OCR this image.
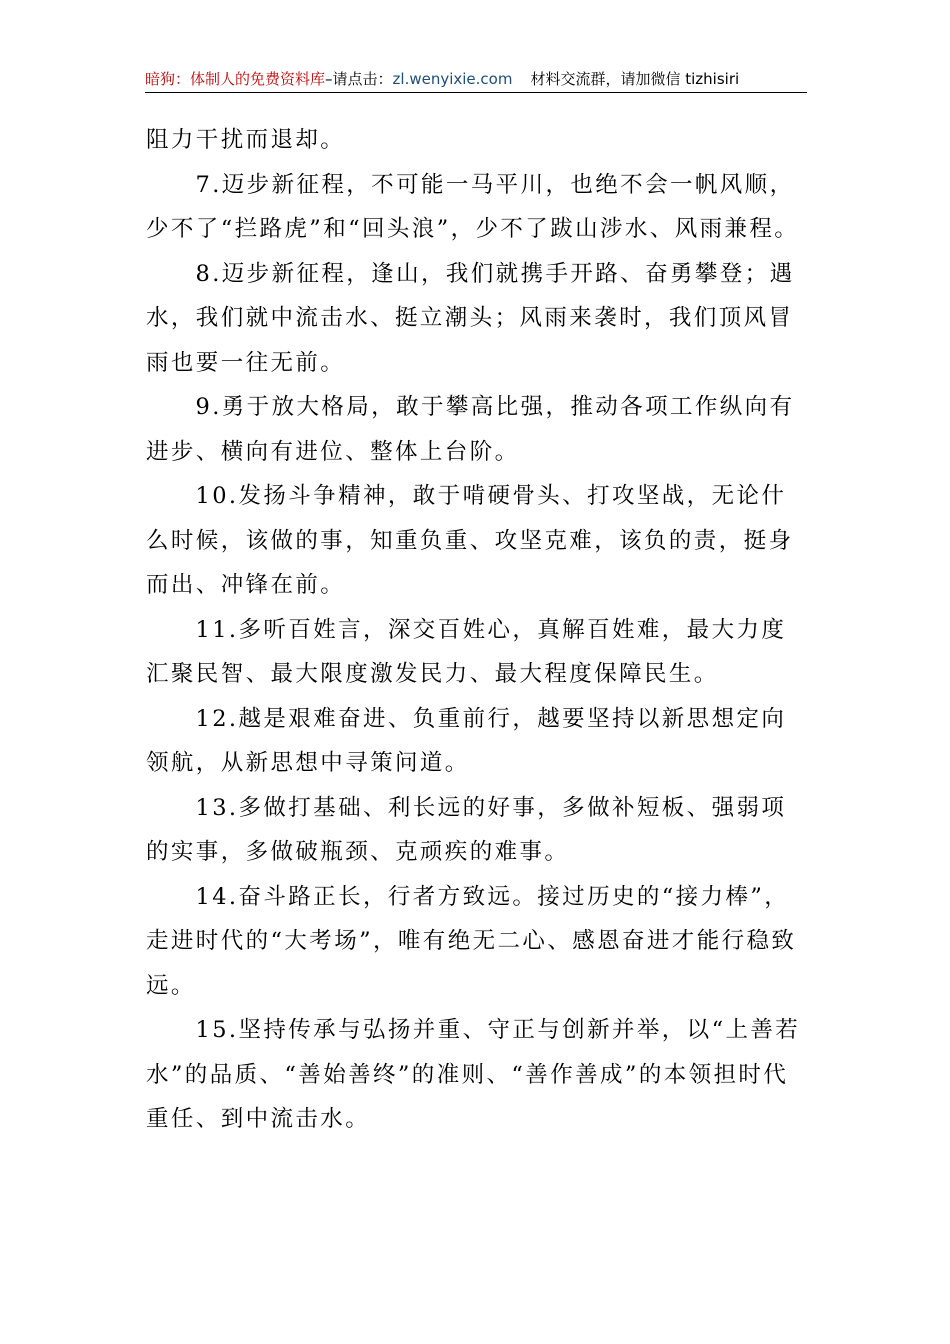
暗狗：体制人的免费资料库–请点击：zl.wenyixie.com 材料交流群，请加微信 tizhisiri

阻力干扰而退却。

7.迈步新征程，不可能一马平川，也绝不会一帆风顺，少不了“拦路虎”和“回头浪”，少不了跋山涉水、风雨兼程。

8.迈步新征程，逢山，我们就携手开路、奋勇攀登；遇水，我们就中流击水、挺立潮头；风雨来袭时，我们顶风冒雨也要一往无前。

9.勇于放大格局，敢于攀高比强，推动各项工作纵向有进步、横向有进位、整体上台阶。

10.发扬斗争精神，敢于啃硬骨头、打攻坚战，无论什么时候，该做的事，知重负重、攻坚克难，该负的责，挺身而出、冲锋在前。

11.多听百姓言，深交百姓心，真解百姓难，最大力度汇聚民智、最大限度激发民力、最大程度保障民生。

12.越是艰难奋进、负重前行，越要坚持以新思想定向领航，从新思想中寻策问道。

13.多做打基础、利长远的好事，多做补短板、强弱项的实事，多做破瓶颈、克顽疾的难事。

14.奋斗路正长，行者方致远。接过历史的“接力棒”，走进时代的“大考场”，唯有绝无二心、感恩奋进才能行稳致远。

15.坚持传承与弘扬并重、守正与创新并举，以“上善若水”的品质、“善始善终”的准则、“善作善成”的本领担时代重任、到中流击水。
